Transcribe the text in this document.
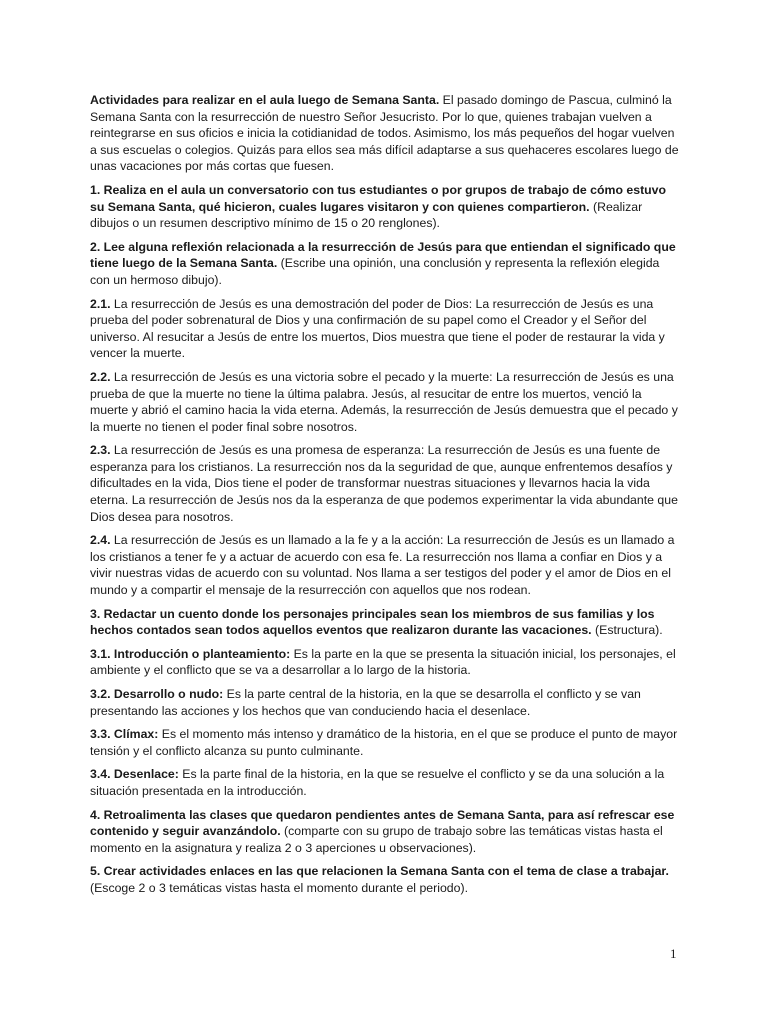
Actividades para realizar en el aula luego de Semana Santa. El pasado domingo de Pascua, culminó la Semana Santa con la resurrección de nuestro Señor Jesucristo. Por lo que, quienes trabajan vuelven a reintegrarse en sus oficios e inicia la cotidianidad de todos. Asimismo, los más pequeños del hogar vuelven a sus escuelas o colegios. Quizás para ellos sea más difícil adaptarse a sus quehaceres escolares luego de unas vacaciones por más cortas que fuesen.

1. Realiza en el aula un conversatorio con tus estudiantes o por grupos de trabajo de cómo estuvo su Semana Santa, qué hicieron, cuales lugares visitaron y con quienes compartieron. (Realizar dibujos o un resumen descriptivo mínimo de 15 o 20 renglones).

2. Lee alguna reflexión relacionada a la resurrección de Jesús para que entiendan el significado que tiene luego de la Semana Santa. (Escribe una opinión, una conclusión y representa la reflexión elegida con un hermoso dibujo).

2.1. La resurrección de Jesús es una demostración del poder de Dios: La resurrección de Jesús es una prueba del poder sobrenatural de Dios y una confirmación de su papel como el Creador y el Señor del universo. Al resucitar a Jesús de entre los muertos, Dios muestra que tiene el poder de restaurar la vida y vencer la muerte.

2.2. La resurrección de Jesús es una victoria sobre el pecado y la muerte: La resurrección de Jesús es una prueba de que la muerte no tiene la última palabra. Jesús, al resucitar de entre los muertos, venció la muerte y abrió el camino hacia la vida eterna. Además, la resurrección de Jesús demuestra que el pecado y la muerte no tienen el poder final sobre nosotros.

2.3. La resurrección de Jesús es una promesa de esperanza: La resurrección de Jesús es una fuente de esperanza para los cristianos. La resurrección nos da la seguridad de que, aunque enfrentemos desafíos y dificultades en la vida, Dios tiene el poder de transformar nuestras situaciones y llevarnos hacia la vida eterna. La resurrección de Jesús nos da la esperanza de que podemos experimentar la vida abundante que Dios desea para nosotros.

2.4. La resurrección de Jesús es un llamado a la fe y a la acción: La resurrección de Jesús es un llamado a los cristianos a tener fe y a actuar de acuerdo con esa fe. La resurrección nos llama a confiar en Dios y a vivir nuestras vidas de acuerdo con su voluntad. Nos llama a ser testigos del poder y el amor de Dios en el mundo y a compartir el mensaje de la resurrección con aquellos que nos rodean.

3. Redactar un cuento donde los personajes principales sean los miembros de sus familias y los hechos contados sean todos aquellos eventos que realizaron durante las vacaciones. (Estructura).

3.1. Introducción o planteamiento: Es la parte en la que se presenta la situación inicial, los personajes, el ambiente y el conflicto que se va a desarrollar a lo largo de la historia.

3.2. Desarrollo o nudo: Es la parte central de la historia, en la que se desarrolla el conflicto y se van presentando las acciones y los hechos que van conduciendo hacia el desenlace.

3.3. Clímax: Es el momento más intenso y dramático de la historia, en el que se produce el punto de mayor tensión y el conflicto alcanza su punto culminante.

3.4. Desenlace: Es la parte final de la historia, en la que se resuelve el conflicto y se da una solución a la situación presentada en la introducción.

4. Retroalimenta las clases que quedaron pendientes antes de Semana Santa, para así refrescar ese contenido y seguir avanzándolo. (comparte con su grupo de trabajo sobre las temáticas vistas hasta el momento en la asignatura y realiza 2 o 3 aperciones u observaciones).

5. Crear actividades enlaces en las que relacionen la Semana Santa con el tema de clase a trabajar. (Escoge 2 o 3 temáticas vistas hasta el momento durante el periodo).

1
